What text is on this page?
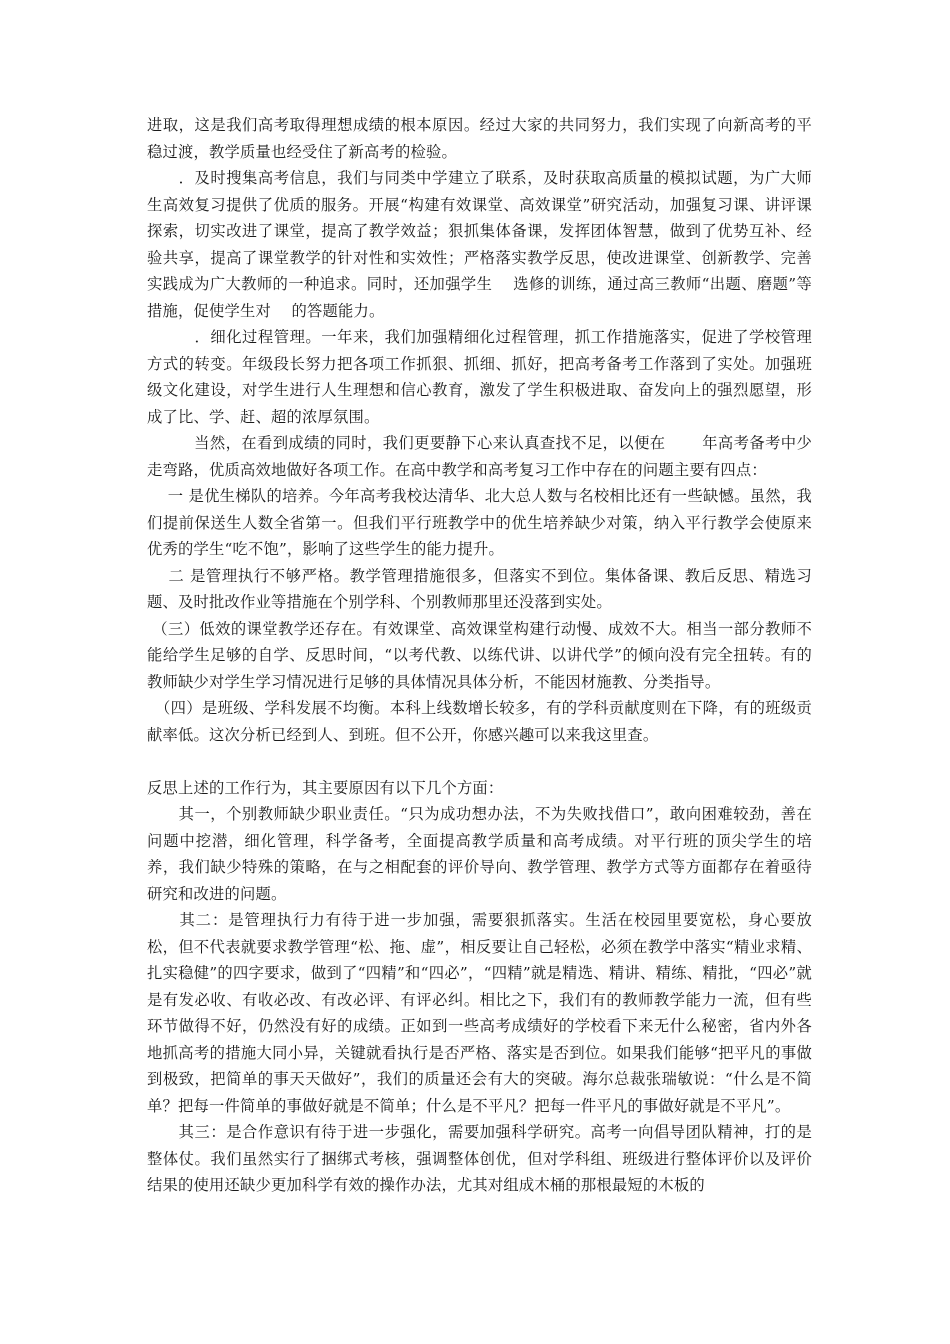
进取，这是我们高考取得理想成绩的根本原因。经过大家的共同努力，我们实现了向新高考的平稳过渡，教学质量也经受住了新高考的检验。

　　．及时搜集高考信息，我们与同类中学建立了联系，及时获取高质量的模拟试题，为广大师生高效复习提供了优质的服务。开展“构建有效课堂、高效课堂”研究活动，加强复习课、讲评课探索，切实改进了课堂，提高了教学效益；狠抓集体备课，发挥团体智慧，做到了优势互补、经验共享，提高了课堂教学的针对性和实效性；严格落实教学反思，使改进课堂、创新教学、完善实践成为广大教师的一种追求。同时，还加强学生　 选修的训练，通过高三教师“出题、磨题”等措施，促使学生对　 的答题能力。

　　　．细化过程管理。一年来，我们加强精细化过程管理，抓工作措施落实，促进了学校管理方式的转变。年级段长努力把各项工作抓狠、抓细、抓好，把高考备考工作落到了实处。加强班级文化建设，对学生进行人生理想和信心教育，激发了学生积极进取、奋发向上的强烈愿望，形成了比、学、赶、超的浓厚氛围。

　　　当然，在看到成绩的同时，我们更要静下心来认真查找不足，以便在　　 年高考备考中少走弯路，优质高效地做好各项工作。在高中教学和高考复习工作中存在的问题主要有四点：

　 一 是优生梯队的培养。今年高考我校达清华、北大总人数与名校相比还有一些缺憾。虽然，我们提前保送生人数全省第一。但我们平行班教学中的优生培养缺少对策，纳入平行教学会使原来优秀的学生“吃不饱”，影响了这些学生的能力提升。

　 二 是管理执行不够严格。教学管理措施很多，但落实不到位。集体备课、教后反思、精选习题、及时批改作业等措施在个别学科、个别教师那里还没落到实处。

（三）低效的课堂教学还存在。有效课堂、高效课堂构建行动慢、成效不大。相当一部分教师不能给学生足够的自学、反思时间，“以考代教、以练代讲、以讲代学”的倾向没有完全扭转。有的教师缺少对学生学习情况进行足够的具体情况具体分析，不能因材施教、分类指导。

　（四）是班级、学科发展不均衡。本科上线数增长较多，有的学科贡献度则在下降，有的班级贡献率低。这次分析已经到人、到班。但不公开，你感兴趣可以来我这里查。

反思上述的工作行为，其主要原因有以下几个方面：

　　其一，个别教师缺少职业责任。“只为成功想办法，不为失败找借口”，敢向困难较劲，善在问题中挖潜，细化管理，科学备考，全面提高教学质量和高考成绩。对平行班的顶尖学生的培养，我们缺少特殊的策略，在与之相配套的评价导向、教学管理、教学方式等方面都存在着亟待研究和改进的问题。

　　其二：是管理执行力有待于进一步加强，需要狠抓落实。生活在校园里要宽松，身心要放松，但不代表就要求教学管理“松、拖、虚”，相反要让自己轻松，必须在教学中落实“精业求精、扎实稳健”的四字要求，做到了“四精”和“四必”，“四精”就是精选、精讲、精练、精批，“四必”就是有发必收、有收必改、有改必评、有评必纠。相比之下，我们有的教师教学能力一流，但有些环节做得不好，仍然没有好的成绩。正如到一些高考成绩好的学校看下来无什么秘密，省内外各地抓高考的措施大同小异，关键就看执行是否严格、落实是否到位。如果我们能够“把平凡的事做到极致，把简单的事天天做好”，我们的质量还会有大的突破。海尔总裁张瑞敏说：“什么是不简单？把每一件简单的事做好就是不简单；什么是不平凡？把每一件平凡的事做好就是不平凡”。

　　其三：是合作意识有待于进一步强化，需要加强科学研究。高考一向倡导团队精神，打的是整体仗。我们虽然实行了捆绑式考核，强调整体创优，但对学科组、班级进行整体评价以及评价结果的使用还缺少更加科学有效的操作办法，尤其对组成木桶的那根最短的木板的
